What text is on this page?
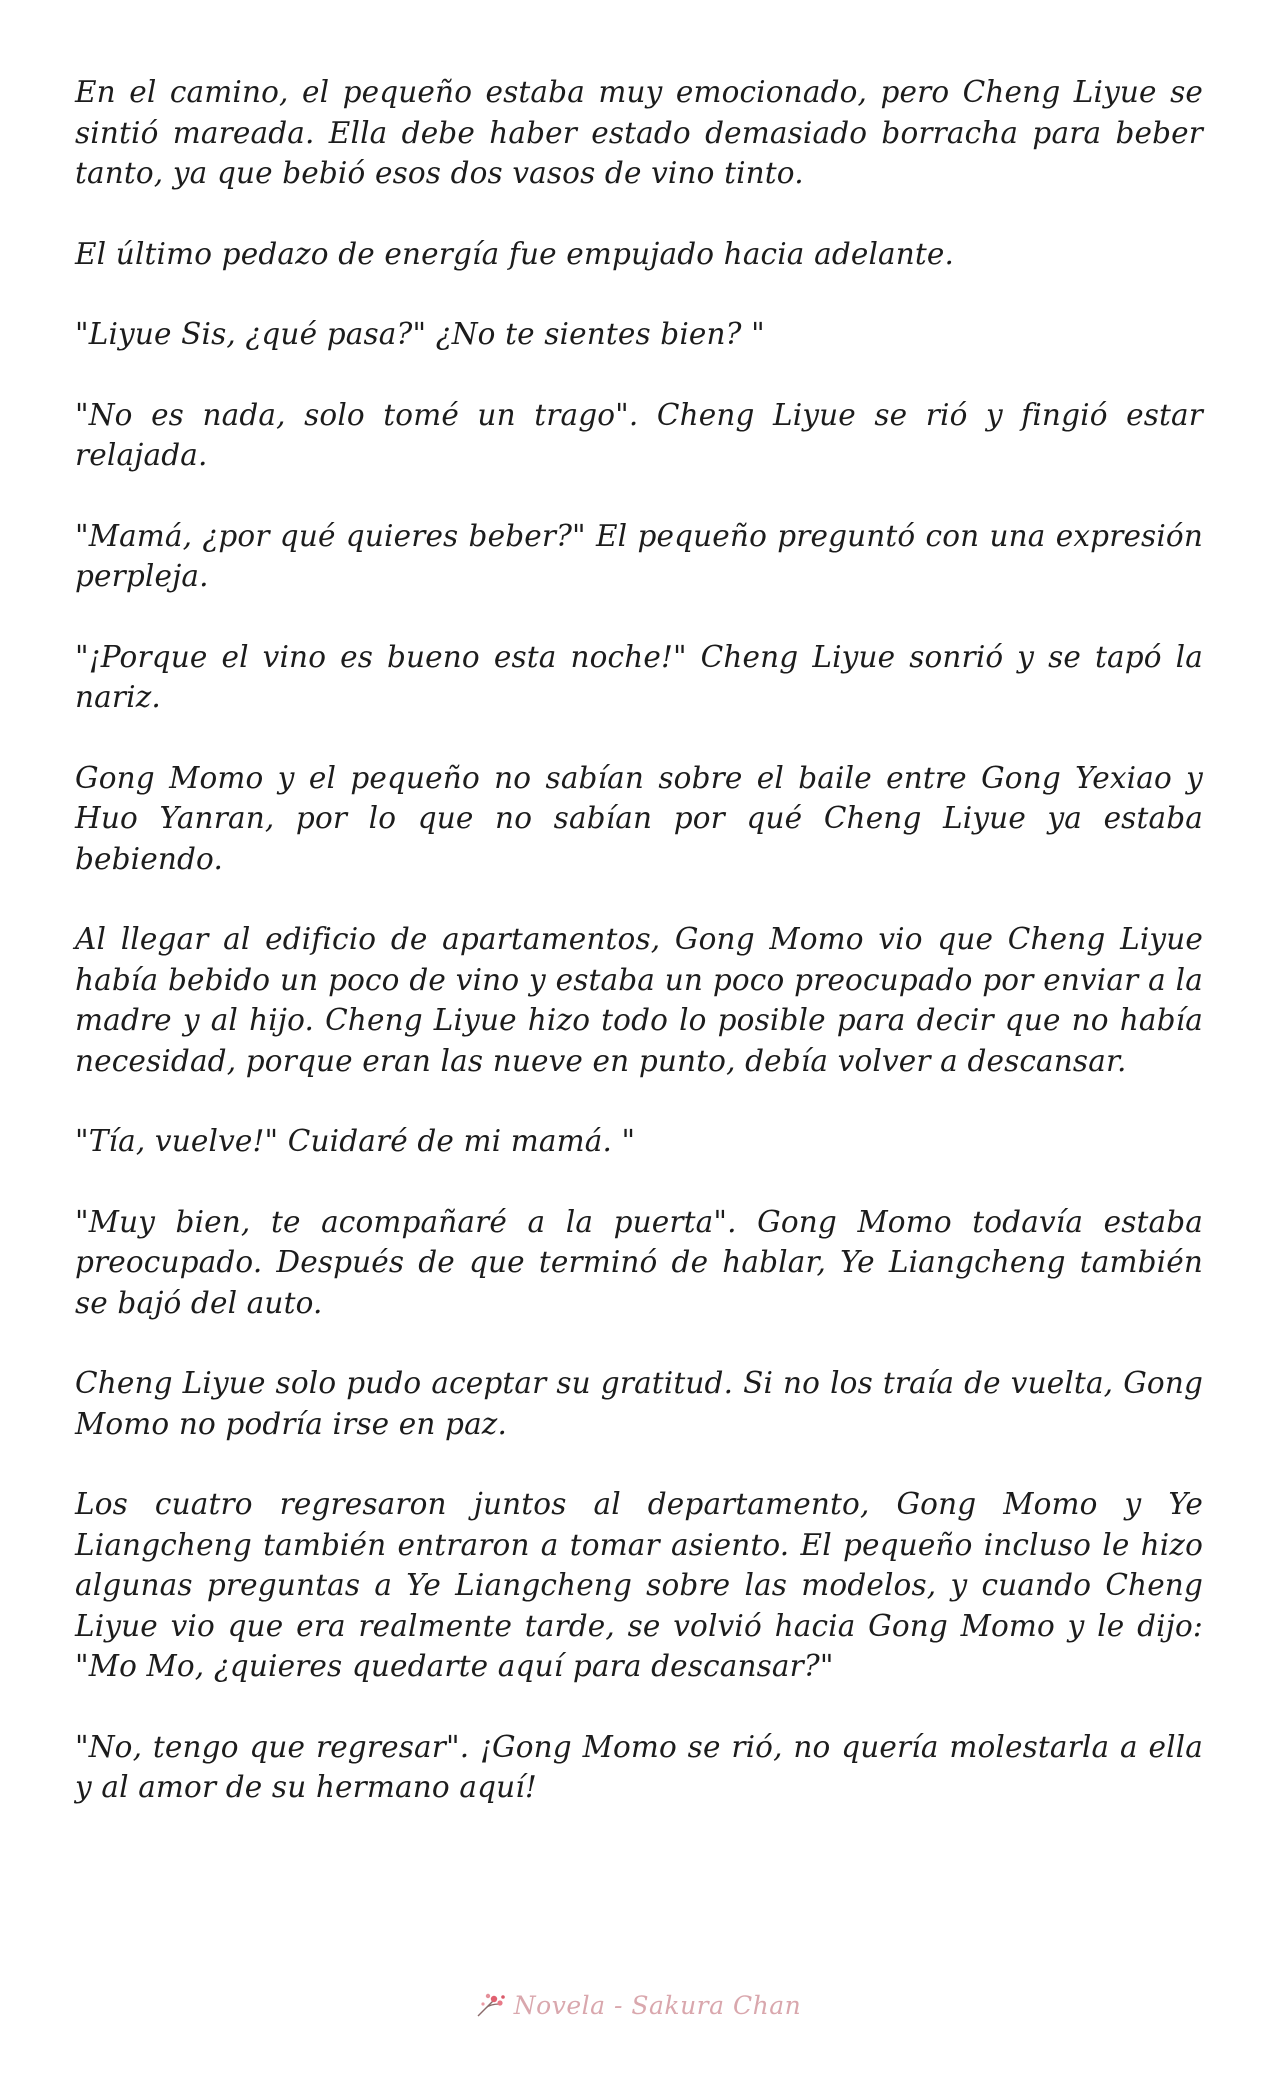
En el camino, el pequeño estaba muy emocionado, pero Cheng Liyue se sintió mareada. Ella debe haber estado demasiado borracha para beber tanto, ya que bebió esos dos vasos de vino tinto.

El último pedazo de energía fue empujado hacia adelante.

"Liyue Sis, ¿qué pasa?" ¿No te sientes bien? "

"No es nada, solo tomé un trago". Cheng Liyue se rió y fingió estar relajada.

"Mamá, ¿por qué quieres beber?" El pequeño preguntó con una expresión perpleja.

"¡Porque el vino es bueno esta noche!" Cheng Liyue sonrió y se tapó la nariz.

Gong Momo y el pequeño no sabían sobre el baile entre Gong Yexiao y Huo Yanran, por lo que no sabían por qué Cheng Liyue ya estaba bebiendo.

Al llegar al edificio de apartamentos, Gong Momo vio que Cheng Liyue había bebido un poco de vino y estaba un poco preocupado por enviar a la madre y al hijo. Cheng Liyue hizo todo lo posible para decir que no había necesidad, porque eran las nueve en punto, debía volver a descansar.

"Tía, vuelve!" Cuidaré de mi mamá. "

"Muy bien, te acompañaré a la puerta". Gong Momo todavía estaba preocupado. Después de que terminó de hablar, Ye Liangcheng también se bajó del auto.

Cheng Liyue solo pudo aceptar su gratitud. Si no los traía de vuelta, Gong Momo no podría irse en paz.

Los cuatro regresaron juntos al departamento, Gong Momo y Ye Liangcheng también entraron a tomar asiento. El pequeño incluso le hizo algunas preguntas a Ye Liangcheng sobre las modelos, y cuando Cheng Liyue vio que era realmente tarde, se volvió hacia Gong Momo y le dijo: "Mo Mo, ¿quieres quedarte aquí para descansar?"

"No, tengo que regresar". ¡Gong Momo se rió, no quería molestarla a ella y al amor de su hermano aquí!

Novela - Sakura Chan
